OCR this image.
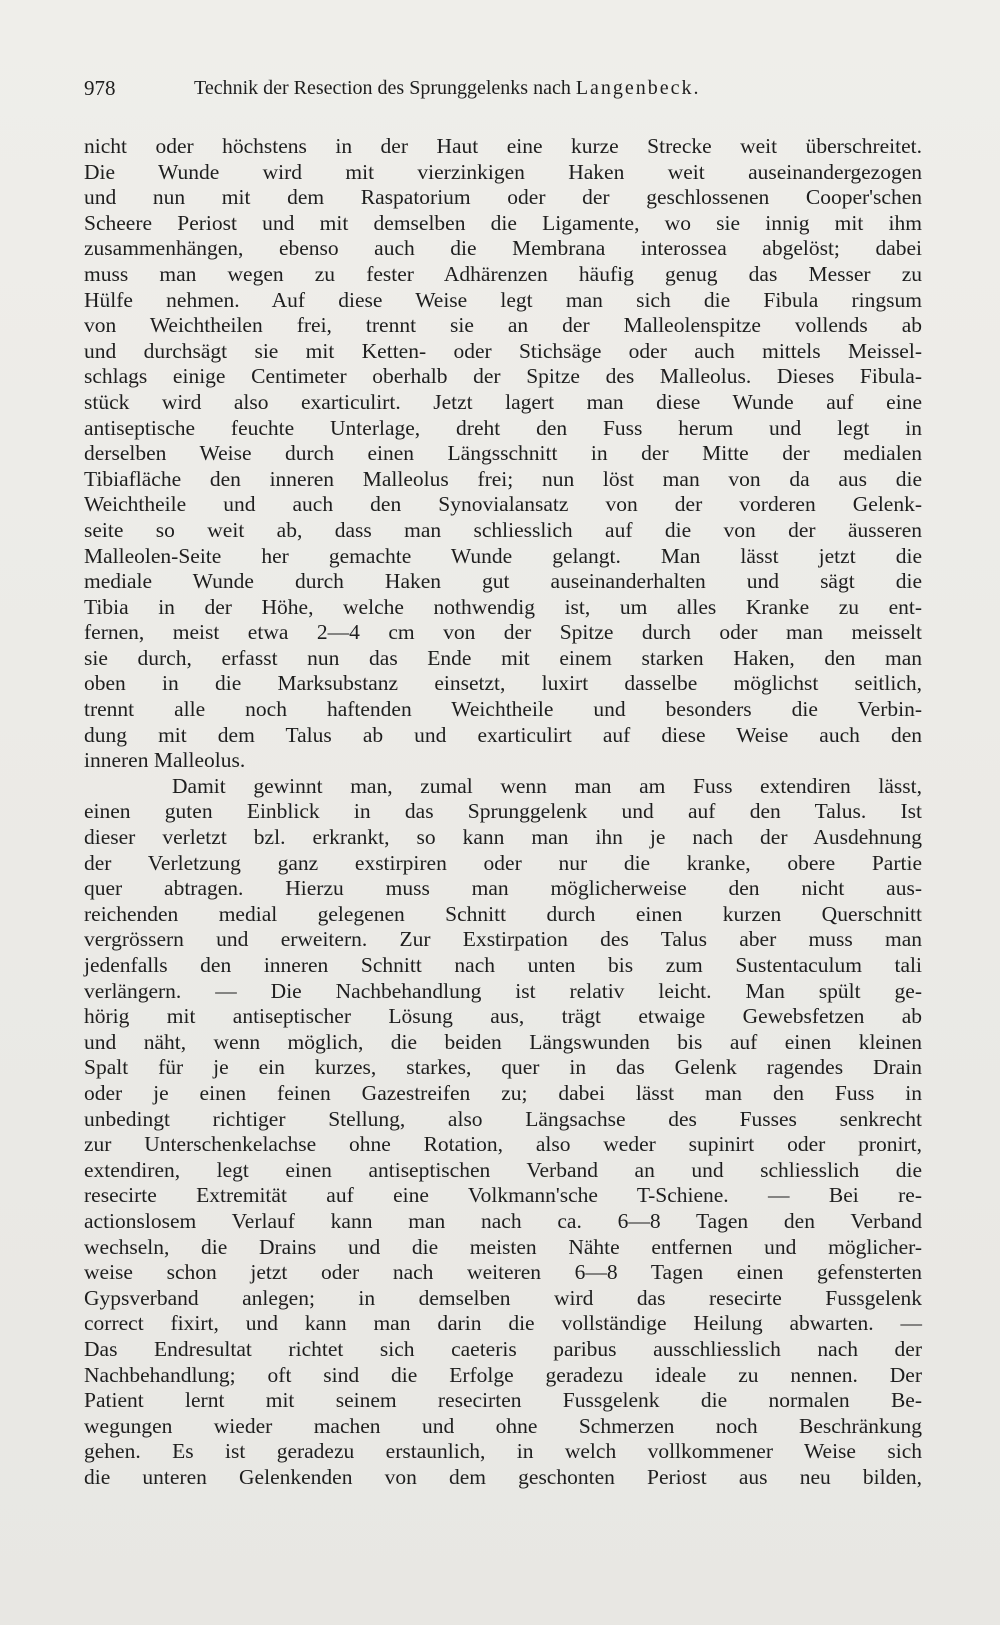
978	Technik der Resection des Sprunggelenks nach Langenbeck.
nicht oder höchstens in der Haut eine kurze Strecke weit überschreitet.
Die Wunde wird mit vierzinkigen Haken weit auseinandergezogen
und nun mit dem Raspatorium oder der geschlossenen Cooper'schen
Scheere Periost und mit demselben die Ligamente, wo sie innig mit ihm
zusammenhängen, ebenso auch die Membrana interossea abgelöst; dabei
muss man wegen zu fester Adhärenzen häufig genug das Messer zu
Hülfe nehmen. Auf diese Weise legt man sich die Fibula ringsum
von Weichtheilen frei, trennt sie an der Malleolenspitze vollends ab
und durchsägt sie mit Ketten- oder Stichsäge oder auch mittels Meissel-
schlags einige Centimeter oberhalb der Spitze des Malleolus. Dieses Fibula-
stück wird also exarticulirt. Jetzt lagert man diese Wunde auf eine
antiseptische feuchte Unterlage, dreht den Fuss herum und legt in
derselben Weise durch einen Längsschnitt in der Mitte der medialen
Tibiafläche den inneren Malleolus frei; nun löst man von da aus die
Weichtheile und auch den Synovialansatz von der vorderen Gelenk-
seite so weit ab, dass man schliesslich auf die von der äusseren
Malleolen-Seite her gemachte Wunde gelangt. Man lässt jetzt die
mediale Wunde durch Haken gut auseinanderhalten und sägt die
Tibia in der Höhe, welche nothwendig ist, um alles Kranke zu ent-
fernen, meist etwa 2—4 cm von der Spitze durch oder man meisselt
sie durch, erfasst nun das Ende mit einem starken Haken, den man
oben in die Marksubstanz einsetzt, luxirt dasselbe möglichst seitlich,
trennt alle noch haftenden Weichtheile und besonders die Verbin-
dung mit dem Talus ab und exarticulirt auf diese Weise auch den
inneren Malleolus.
Damit gewinnt man, zumal wenn man am Fuss extendiren lässt,
einen guten Einblick in das Sprunggelenk und auf den Talus. Ist
dieser verletzt bzl. erkrankt, so kann man ihn je nach der Ausdehnung
der Verletzung ganz exstirpiren oder nur die kranke, obere Partie
quer abtragen. Hierzu muss man möglicherweise den nicht aus-
reichenden medial gelegenen Schnitt durch einen kurzen Querschnitt
vergrössern und erweitern. Zur Exstirpation des Talus aber muss man
jedenfalls den inneren Schnitt nach unten bis zum Sustentaculum tali
verlängern. — Die Nachbehandlung ist relativ leicht. Man spült ge-
hörig mit antiseptischer Lösung aus, trägt etwaige Gewebsfetzen ab
und näht, wenn möglich, die beiden Längswunden bis auf einen kleinen
Spalt für je ein kurzes, starkes, quer in das Gelenk ragendes Drain
oder je einen feinen Gazestreifen zu; dabei lässt man den Fuss in
unbedingt richtiger Stellung, also Längsachse des Fusses senkrecht
zur Unterschenkelachse ohne Rotation, also weder supinirt oder pronirt,
extendiren, legt einen antiseptischen Verband an und schliesslich die
resecirte Extremität auf eine Volkmann'sche T-Schiene. — Bei re-
actionslosem Verlauf kann man nach ca. 6—8 Tagen den Verband
wechseln, die Drains und die meisten Nähte entfernen und möglicher-
weise schon jetzt oder nach weiteren 6—8 Tagen einen gefensterten
Gypsverband anlegen; in demselben wird das resecirte Fussgelenk
correct fixirt, und kann man darin die vollständige Heilung abwarten. —
Das Endresultat richtet sich caeteris paribus ausschliesslich nach der
Nachbehandlung; oft sind die Erfolge geradezu ideale zu nennen. Der
Patient lernt mit seinem resecirten Fussgelenk die normalen Be-
wegungen wieder machen und ohne Schmerzen noch Beschränkung
gehen. Es ist geradezu erstaunlich, in welch vollkommener Weise sich
die unteren Gelenkenden von dem geschonten Periost aus neu bilden,
